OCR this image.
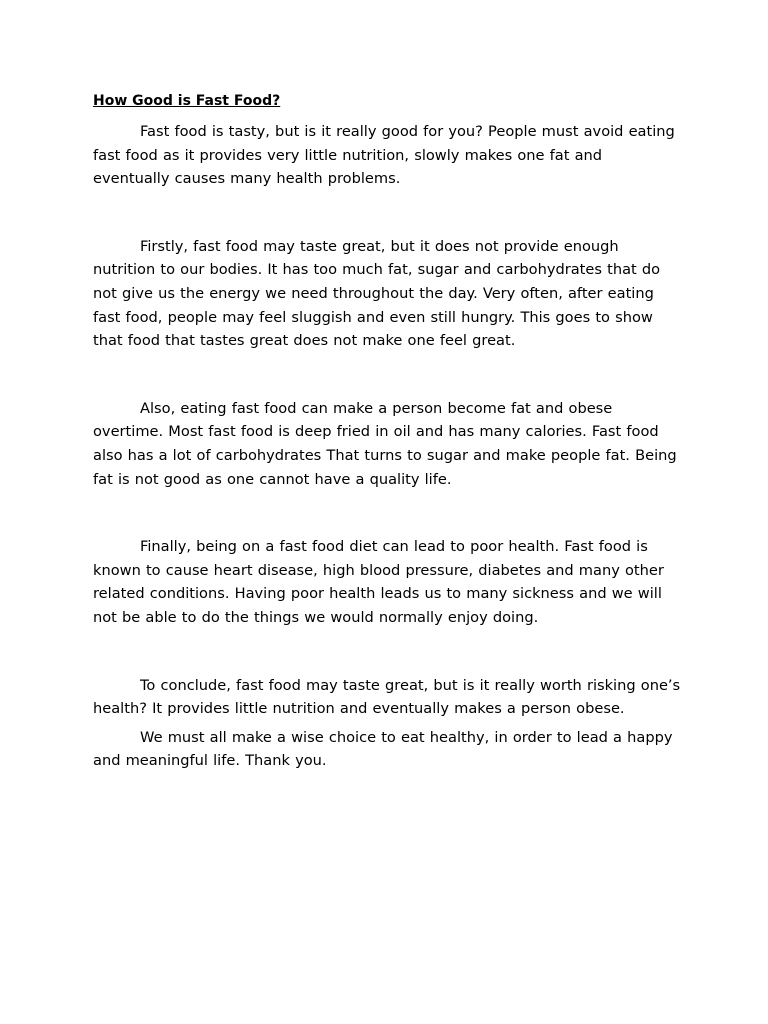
How Good is Fast Food?

Fast food is tasty, but is it really good for you? People must avoid eating fast food as it provides very little nutrition, slowly makes one fat and eventually causes many health problems.

Firstly, fast food may taste great, but it does not provide enough nutrition to our bodies. It has too much fat, sugar and carbohydrates that do not give us the energy we need throughout the day. Very often, after eating fast food, people may feel sluggish and even still hungry. This goes to show that food that tastes great does not make one feel great.

Also, eating fast food can make a person become fat and obese overtime. Most fast food is deep fried in oil and has many calories. Fast food also has a lot of carbohydrates That turns to sugar and make people fat. Being fat is not good as one cannot have a quality life.

Finally, being on a fast food diet can lead to poor health. Fast food is known to cause heart disease, high blood pressure, diabetes and many other related conditions. Having poor health leads us to many sickness and we will not be able to do the things we would normally enjoy doing.

To conclude, fast food may taste great, but is it really worth risking one’s health? It provides little nutrition and eventually makes a person obese.

We must all make a wise choice to eat healthy, in order to lead a happy and meaningful life. Thank you.
